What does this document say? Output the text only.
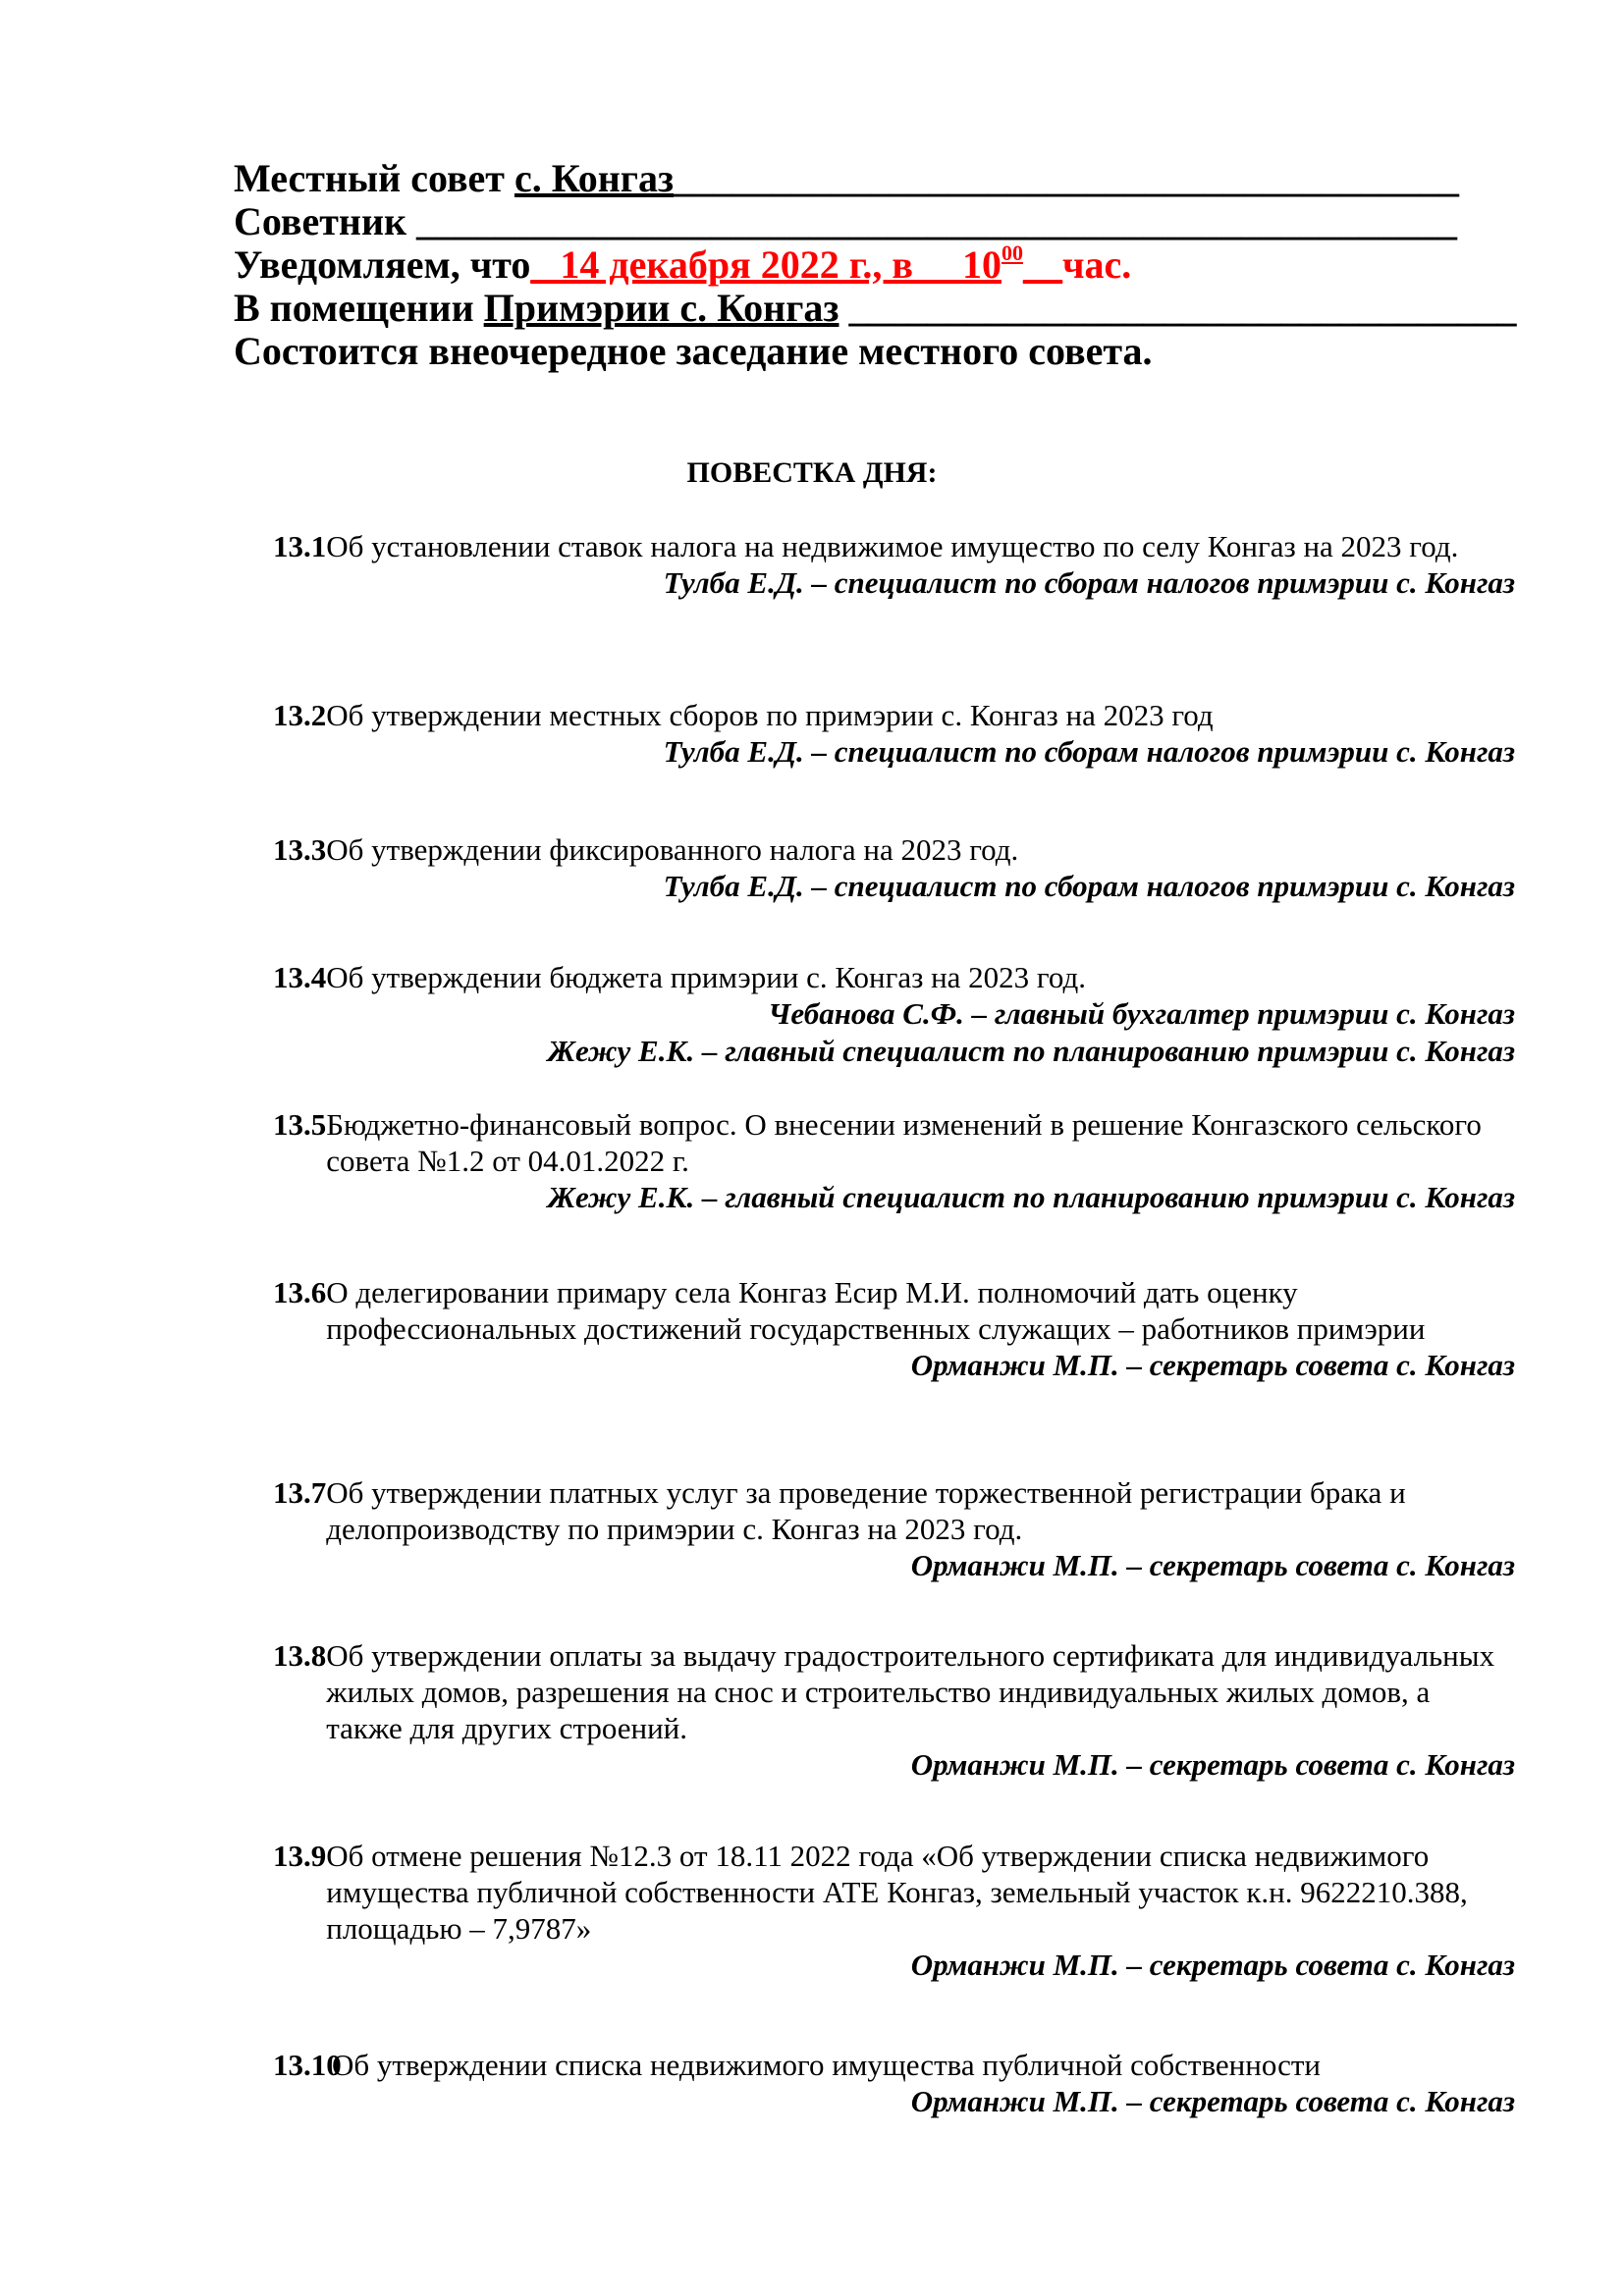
Местный совет с. Конгаз________________________________________
Советник _____________________________________________________
Уведомляем, что_ 14 декабря 2022 г., в $\_\_10^{00}\_\_час$.
В помещении Примэрии с. Конгаз __________________________________
Состоится внеочередное заседание местного совета.
ПОВЕСТКА ДНЯ:
13.1 Об установлении ставок налога на недвижимое имущество по селу Конгаз на 2023 год.
Тулба Е.Д. – специалист по сборам налогов примэрии с. Конгаз
13.2 Об утверждении местных сборов по примэрии с. Конгаз на 2023 год
Тулба Е.Д. – специалист по сборам налогов примэрии с. Конгаз
13.3 Об утверждении фиксированного налога на 2023 год.
Тулба Е.Д. – специалист по сборам налогов примэрии с. Конгаз
13.4 Об утверждении бюджета примэрии с. Конгаз на 2023 год.
Чебанова С.Ф. – главный бухгалтер примэрии с. Конгаз
Жежу Е.К. – главный специалист по планированию примэрии с. Конгаз
13.5 Бюджетно-финансовый вопрос. О внесении изменений в решение Конгазского сельского совета №1.2 от 04.01.2022 г.
Жежу Е.К. – главный специалист по планированию примэрии с. Конгаз
13.6 О делегировании примару села Конгаз Есир М.И. полномочий дать оценку профессиональных достижений государственных служащих – работников примэрии
Орманжи М.П. – секретарь совета с. Конгаз
13.7 Об утверждении платных услуг за проведение торжественной регистрации брака и делопроизводству по примэрии с. Конгаз на 2023 год.
Орманжи М.П. – секретарь совета с. Конгаз
13.8 Об утверждении оплаты за выдачу градостроительного сертификата для индивидуальных жилых домов, разрешения на снос и строительство индивидуальных жилых домов, а также для других строений.
Орманжи М.П. – секретарь совета с. Конгаз
13.9 Об отмене решения №12.3 от 18.11 2022 года «Об утверждении списка недвижимого имущества публичной собственности АТЕ Конгаз, земельный участок к.н. 9622210.388, площадью – 7,9787»
Орманжи М.П. – секретарь совета с. Конгаз
13.10
Об утверждении списка недвижимого имущества публичной собственности
Орманжи М.П. – секретарь совета с. Конгаз
